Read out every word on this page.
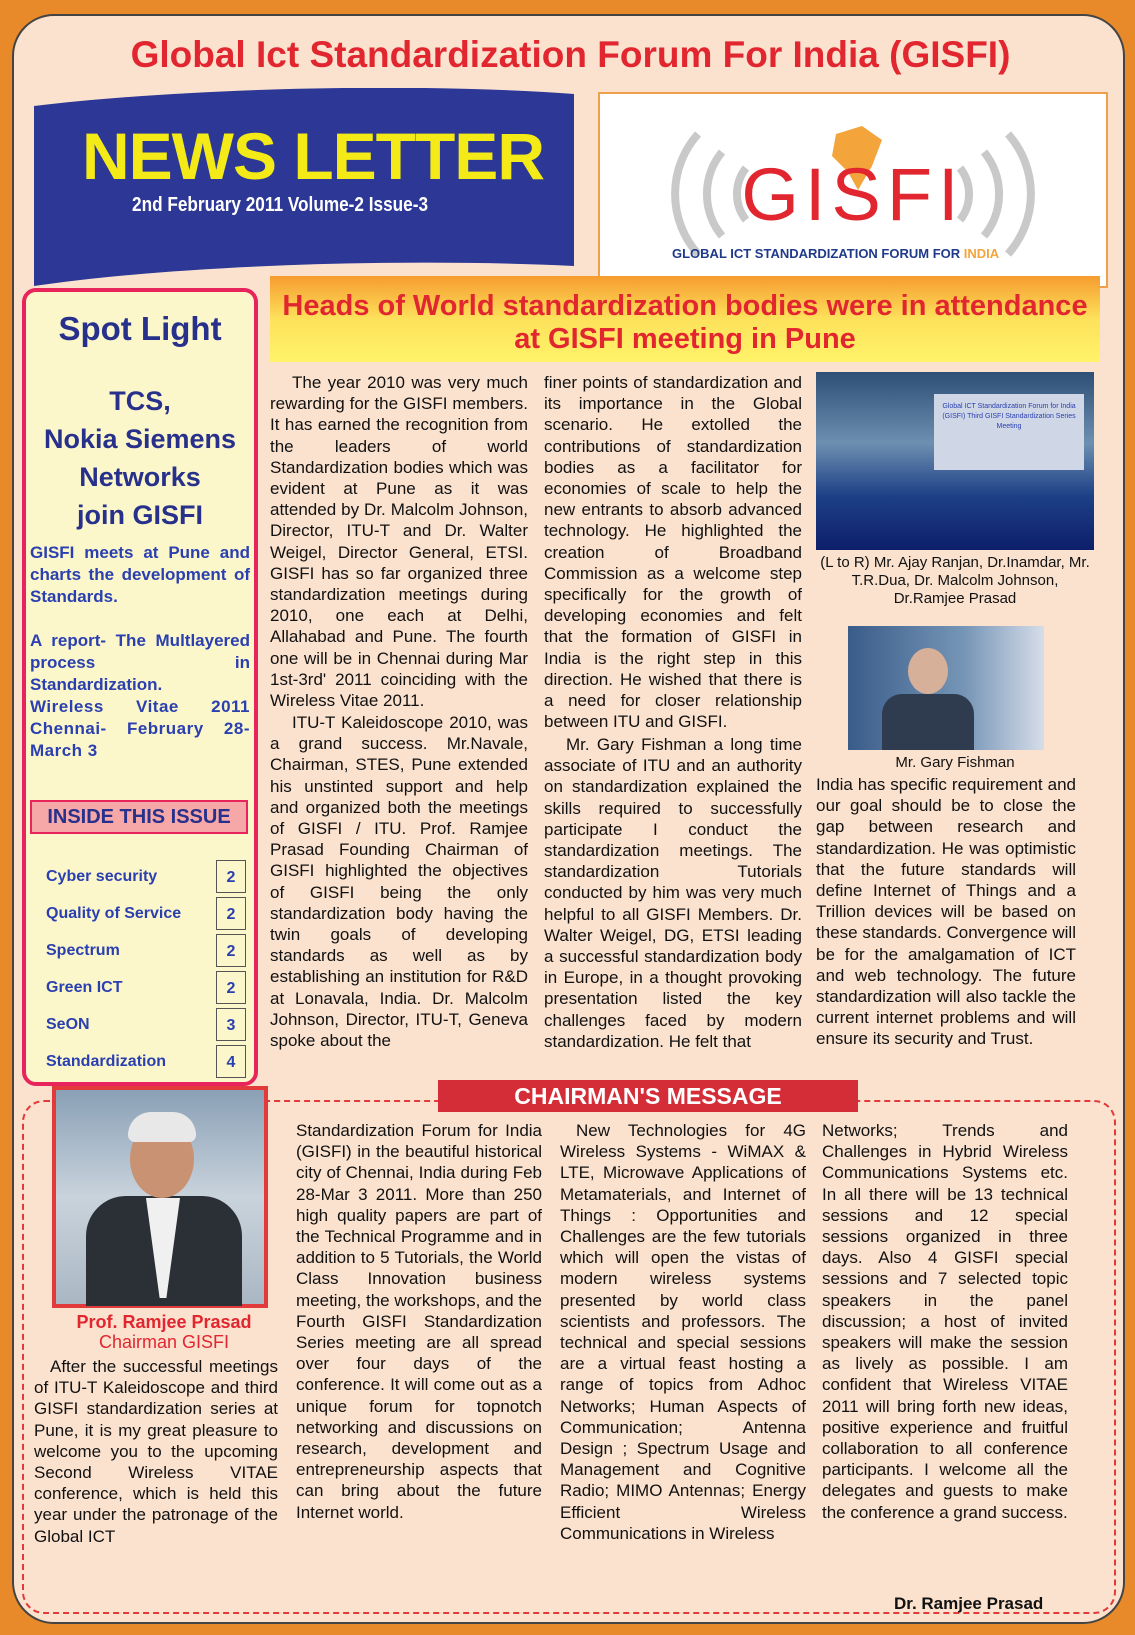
Global Ict Standardization Forum For India (GISFI)
NEWS LETTER
2nd February 2011 Volume-2 Issue-3	GISFI
GLOBAL ICT STANDARDIZATION FORUM FOR INDIA
Spot Light
TCS,
Nokia Siemens
Networks
join GISFI
GISFI meets at Pune and charts the development of Standards.
A report- The Multlayered process in Standardization.
Wireless Vitae 2011 Chennai- February 28-March 3
INSIDE THIS ISSUE
Cyber security	2
Quality of Service	2
Spectrum	2
Green ICT	2
SeON	3
Standardization	4
Heads of World standardization bodies were in attendance at GISFI meeting in Pune
The year 2010 was very much rewarding for the GISFI members. It has earned the recognition from the leaders of world Standardization bodies which was evident at Pune as it was attended by Dr. Malcolm Johnson, Director, ITU-T and Dr. Walter Weigel, Director General, ETSI. GISFI has so far organized three standardization meetings during 2010, one each at Delhi, Allahabad and Pune. The fourth one will be in Chennai during Mar 1st-3rd' 2011 coinciding with the Wireless Vitae 2011.
ITU-T Kaleidoscope 2010, was a grand success. Mr.Navale, Chairman, STES, Pune extended his unstinted support and help and organized both the meetings of GISFI / ITU. Prof. Ramjee Prasad Founding Chairman of GISFI highlighted the objectives of GISFI being the only standardization body having the twin goals of developing standards as well as by establishing an institution for R&D at Lonavala, India. Dr. Malcolm Johnson, Director, ITU-T, Geneva spoke about the
finer points of standardization and its importance in the Global scenario. He extolled the contributions of standardization bodies as a facilitator for economies of scale to help the new entrants to absorb advanced technology. He highlighted the creation of Broadband Commission as a welcome step specifically for the growth of developing economies and felt that the formation of GISFI in India is the right step in this direction. He wished that there is a need for closer relationship between ITU and GISFI.
Mr. Gary Fishman a long time associate of ITU and an authority on standardization explained the skills required to successfully participate I conduct the standardization meetings. The standardization Tutorials conducted by him was very much helpful to all GISFI Members. Dr. Walter Weigel, DG, ETSI leading a successful standardization body in Europe, in a thought provoking presentation listed the key challenges faced by modern standardization. He felt that
Global ICT Standardization Forum for India (GISFI) Third GISFI Standardization Series Meeting
(L to R) Mr. Ajay Ranjan, Dr.Inamdar, Mr. T.R.Dua, Dr. Malcolm Johnson, Dr.Ramjee Prasad
Mr. Gary Fishman
India has specific requirement and our goal should be to close the gap between research and standardization. He was optimistic that the future standards will define Internet of Things and a Trillion devices will be based on these standards. Convergence will be for the amalgamation of ICT and web technology. The future standardization will also tackle the current internet problems and will ensure its security and Trust.
CHAIRMAN'S MESSAGE
Prof. Ramjee Prasad
Chairman GISFI
After the successful meetings of ITU-T Kaleidoscope and third GISFI standardization series at Pune, it is my great pleasure to welcome you to the upcoming Second Wireless VITAE conference, which is held this year under the patronage of the Global ICT
Standardization Forum for India (GISFI) in the beautiful historical city of Chennai, India during Feb 28-Mar 3 2011. More than 250 high quality papers are part of the Technical Programme and in addition to 5 Tutorials, the World Class Innovation business meeting, the workshops, and the Fourth GISFI Standardization Series meeting are all spread over four days of the conference. It will come out as a unique forum for topnotch networking and discussions on research, development and entrepreneurship aspects that can bring about the future Internet world.
New Technologies for 4G Wireless Systems - WiMAX & LTE, Microwave Applications of Metamaterials, and Internet of Things : Opportunities and Challenges are the few tutorials which will open the vistas of modern wireless systems presented by world class scientists and professors. The technical and special sessions are a virtual feast hosting a range of topics from Adhoc Networks; Human Aspects of Communication; Antenna Design ; Spectrum Usage and Management and Cognitive Radio; MIMO Antennas; Energy Efficient Wireless Communications in Wireless
Networks; Trends and Challenges in Hybrid Wireless Communications Systems etc. In all there will be 13 technical sessions and 12 special sessions organized in three days. Also 4 GISFI special sessions and 7 selected topic speakers in the panel discussion; a host of invited speakers will make the session as lively as possible. I am confident that Wireless VITAE 2011 will bring forth new ideas, positive experience and fruitful collaboration to all conference participants. I welcome all the delegates and guests to make the conference a grand success.
Dr. Ramjee Prasad
